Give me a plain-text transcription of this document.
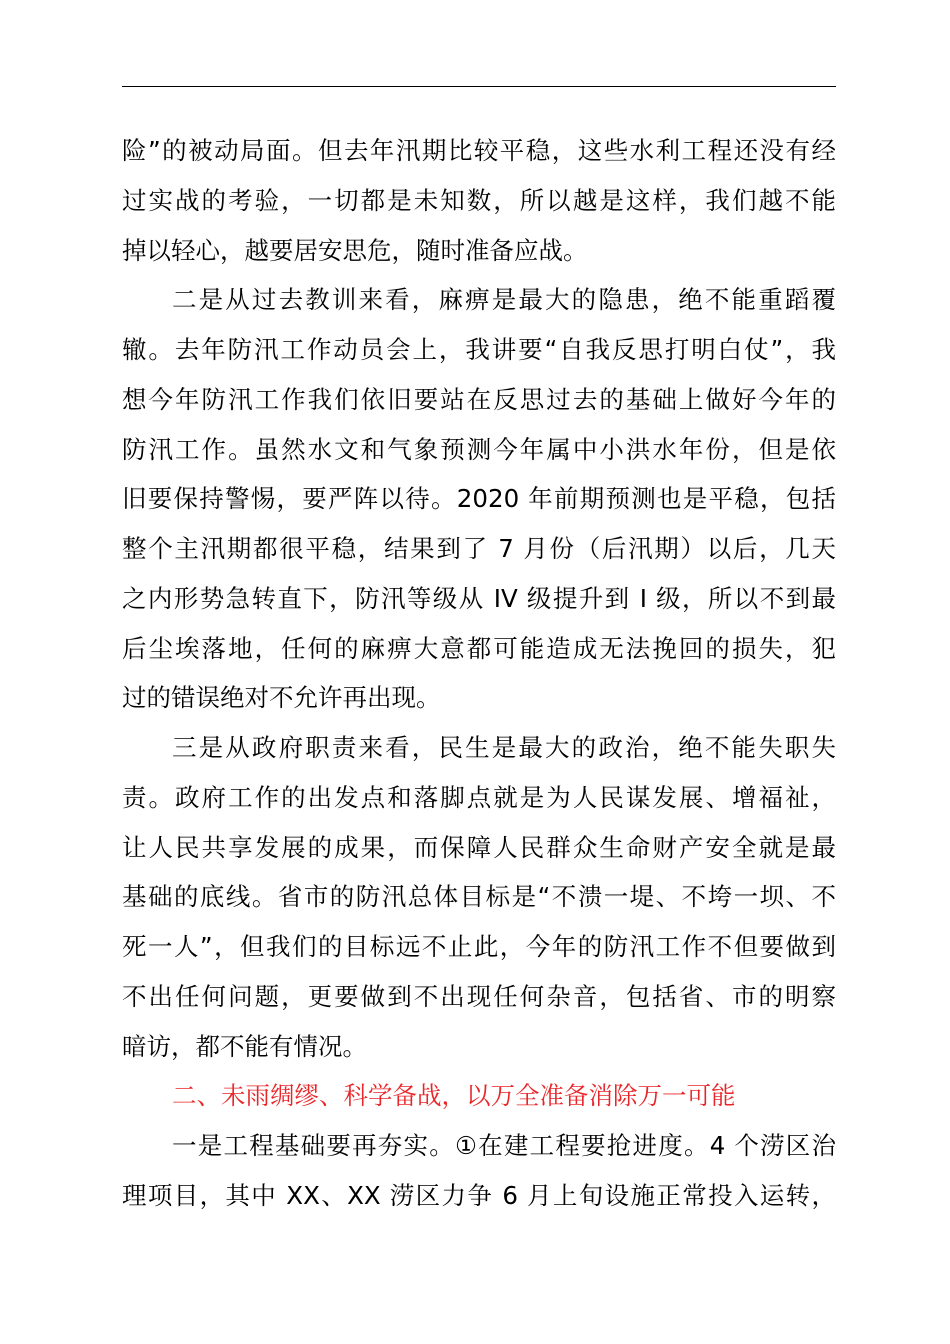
险”的被动局面。但去年汛期比较平稳，这些水利工程还没有经
过实战的考验，一切都是未知数，所以越是这样，我们越不能
掉以轻心，越要居安思危，随时准备应战。
二是从过去教训来看，麻痹是最大的隐患，绝不能重蹈覆
辙。去年防汛工作动员会上，我讲要“自我反思打明白仗”，我
想今年防汛工作我们依旧要站在反思过去的基础上做好今年的
防汛工作。虽然水文和气象预测今年属中小洪水年份，但是依
旧要保持警惕，要严阵以待。2020 年前期预测也是平稳，包括
整个主汛期都很平稳，结果到了 7 月份（后汛期）以后，几天
之内形势急转直下，防汛等级从 IV 级提升到 I 级，所以不到最
后尘埃落地，任何的麻痹大意都可能造成无法挽回的损失，犯
过的错误绝对不允许再出现。
三是从政府职责来看，民生是最大的政治，绝不能失职失
责。政府工作的出发点和落脚点就是为人民谋发展、增福祉，
让人民共享发展的成果，而保障人民群众生命财产安全就是最
基础的底线。省市的防汛总体目标是“不溃一堤、不垮一坝、不
死一人”，但我们的目标远不止此，今年的防汛工作不但要做到
不出任何问题，更要做到不出现任何杂音，包括省、市的明察
暗访，都不能有情况。
二、未雨绸缪、科学备战，以万全准备消除万一可能
一是工程基础要再夯实。①在建工程要抢进度。4 个涝区治
理项目，其中 XX、XX 涝区力争 6 月上旬设施正常投入运转，
